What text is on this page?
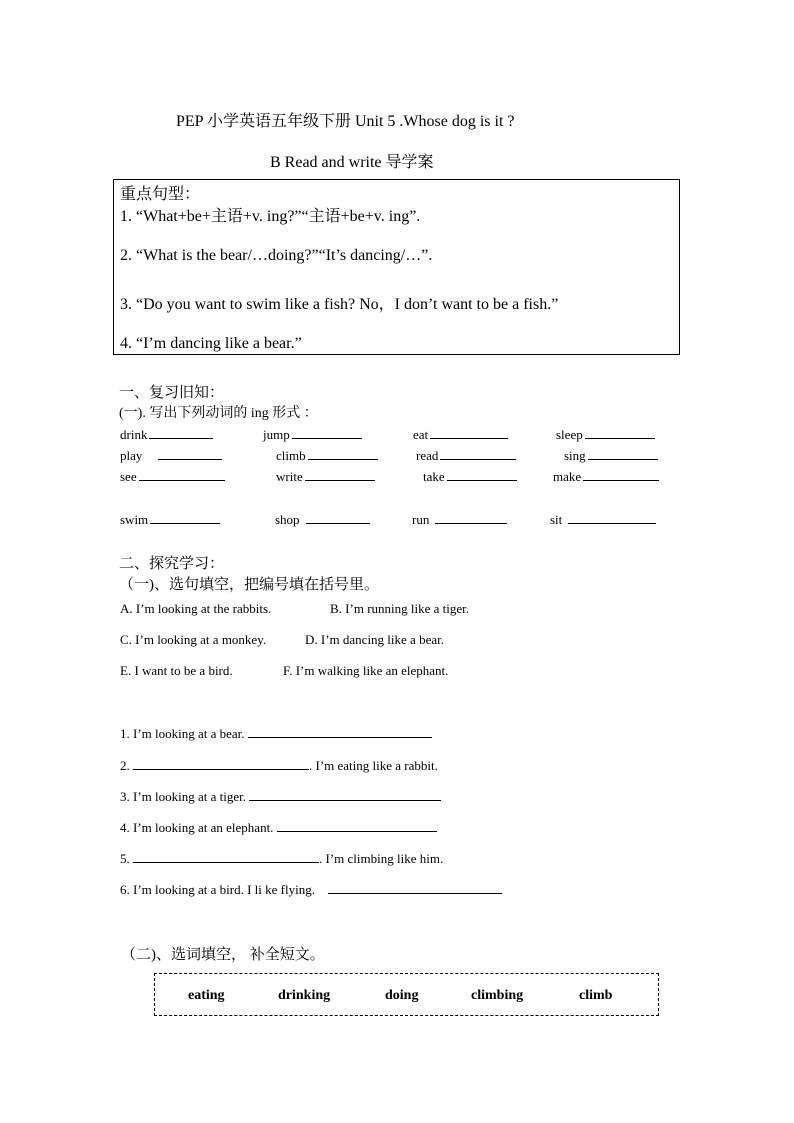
PEP 小学英语五年级下册 Unit 5 .Whose dog is it ?
B Read and write 导学案
重点句型：
1. “What+be+主语+v. ing?”“主语+be+v. ing”.
2. “What is the bear/…doing?”“It’s dancing/…”.
3. “Do you want to swim like a fish? No，I don’t want to be a fish.”
4. “I’m dancing like a bear.”
一、复习旧知：
(一). 写出下列动词的 ing 形式 ：
drink	jump	eat	sleep
play	climb	read	sing
see	write	take	make
swim	shop	run	sit
二、探究学习：
（一)、选句填空，把编号填在括号里。
A. I’m looking at the rabbits.	B. I’m running like a tiger.
C. I’m looking at a monkey.	D. I’m dancing like a bear.
E. I want to be a bird.	F. I’m walking like an elephant.
1. I’m looking at a bear.
2.	. I’m eating like a rabbit.
3. I’m looking at a tiger.
4. I’m looking at an elephant.
5.	. I’m climbing like him.
6. I’m looking at a bird. I li ke flying.
（二)、选词填空， 补全短文。
eating	drinking	doing	climbing	climb
